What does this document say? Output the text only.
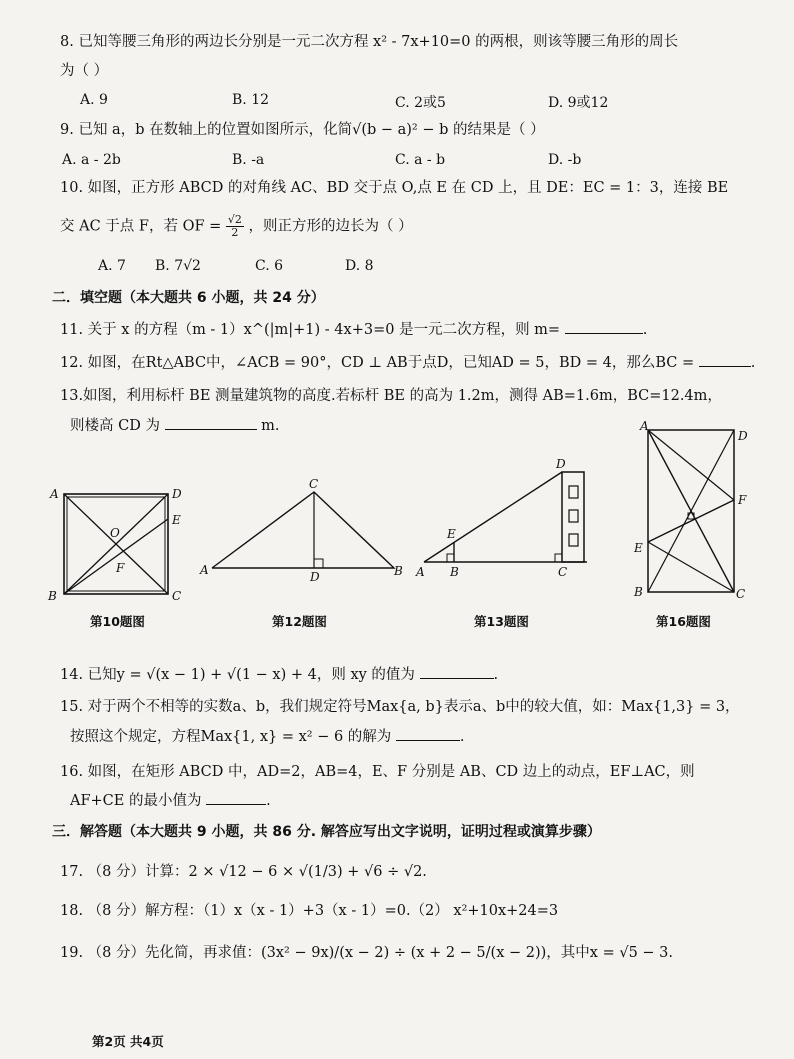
8. 已知等腰三角形的两边长分别是一元二次方程 x² - 7x+10=0 的两根，则该等腰三角形的周长
为（ ）
A. 9	B. 12	C. 2或5	D. 9或12
9. 已知 a，b 在数轴上的位置如图所示，化简√(b − a)² − b 的结果是（ ）
A. a - 2b	B. -a	C. a - b	D. -b
10. 如图，正方形 ABCD 的对角线 AC、BD 交于点 O,点 E 在 CD 上，且 DE：EC = 1：3，连接 BE
交 AC 于点 F，若 OF = $\frac{√2}{2}$ ，则正方形的边长为（ ）
A. 7 B. 7√2	C. 6	D. 8
二．填空题（本大题共 6 小题，共 24 分）
11. 关于 x 的方程（m - 1）x^(|m|+1) - 4x+3=0 是一元二次方程，则 m=	.
12. 如图，在Rt△ABC中，∠ACB = 90°，CD ⊥ AB于点D，已知AD = 5，BD = 4，那么BC =	.
13.如图，利用标杆 BE 测量建筑物的高度.若标杆 BE 的高为 1.2m，测得 AB=1.6m，BC=12.4m，
则楼高 CD 为	m.
A	D
E
O
F
B	C
第10题图
C
A	D	B
第12题图
D
E
A B	C
第13题图
A
D
F
E
B	C
第16题图
14. 已知y = √(x − 1) + √(1 − x) + 4，则 xy 的值为	.
15. 对于两个不相等的实数a、b，我们规定符号Max{a, b}表示a、b中的较大值，如：Max{1,3} = 3，
按照这个规定，方程Max{1, x} = x² − 6 的解为	.
16. 如图，在矩形 ABCD 中，AD=2，AB=4，E、F 分别是 AB、CD 边上的动点，EF⊥AC，则
AF+CE 的最小值为	.
三．解答题（本大题共 9 小题，共 86 分. 解答应写出文字说明，证明过程或演算步骤）
17. （8 分）计算：2 × √12 − 6 × √(1/3) + √6 ÷ √2.
18. （8 分）解方程：（1）x（x - 1）+3（x - 1）=0.（2） x²+10x+24=3
19. （8 分）先化简，再求值：(3x² − 9x)/(x − 2) ÷ (x + 2 − 5/(x − 2))，其中x = √5 − 3.
第2页 共4页
